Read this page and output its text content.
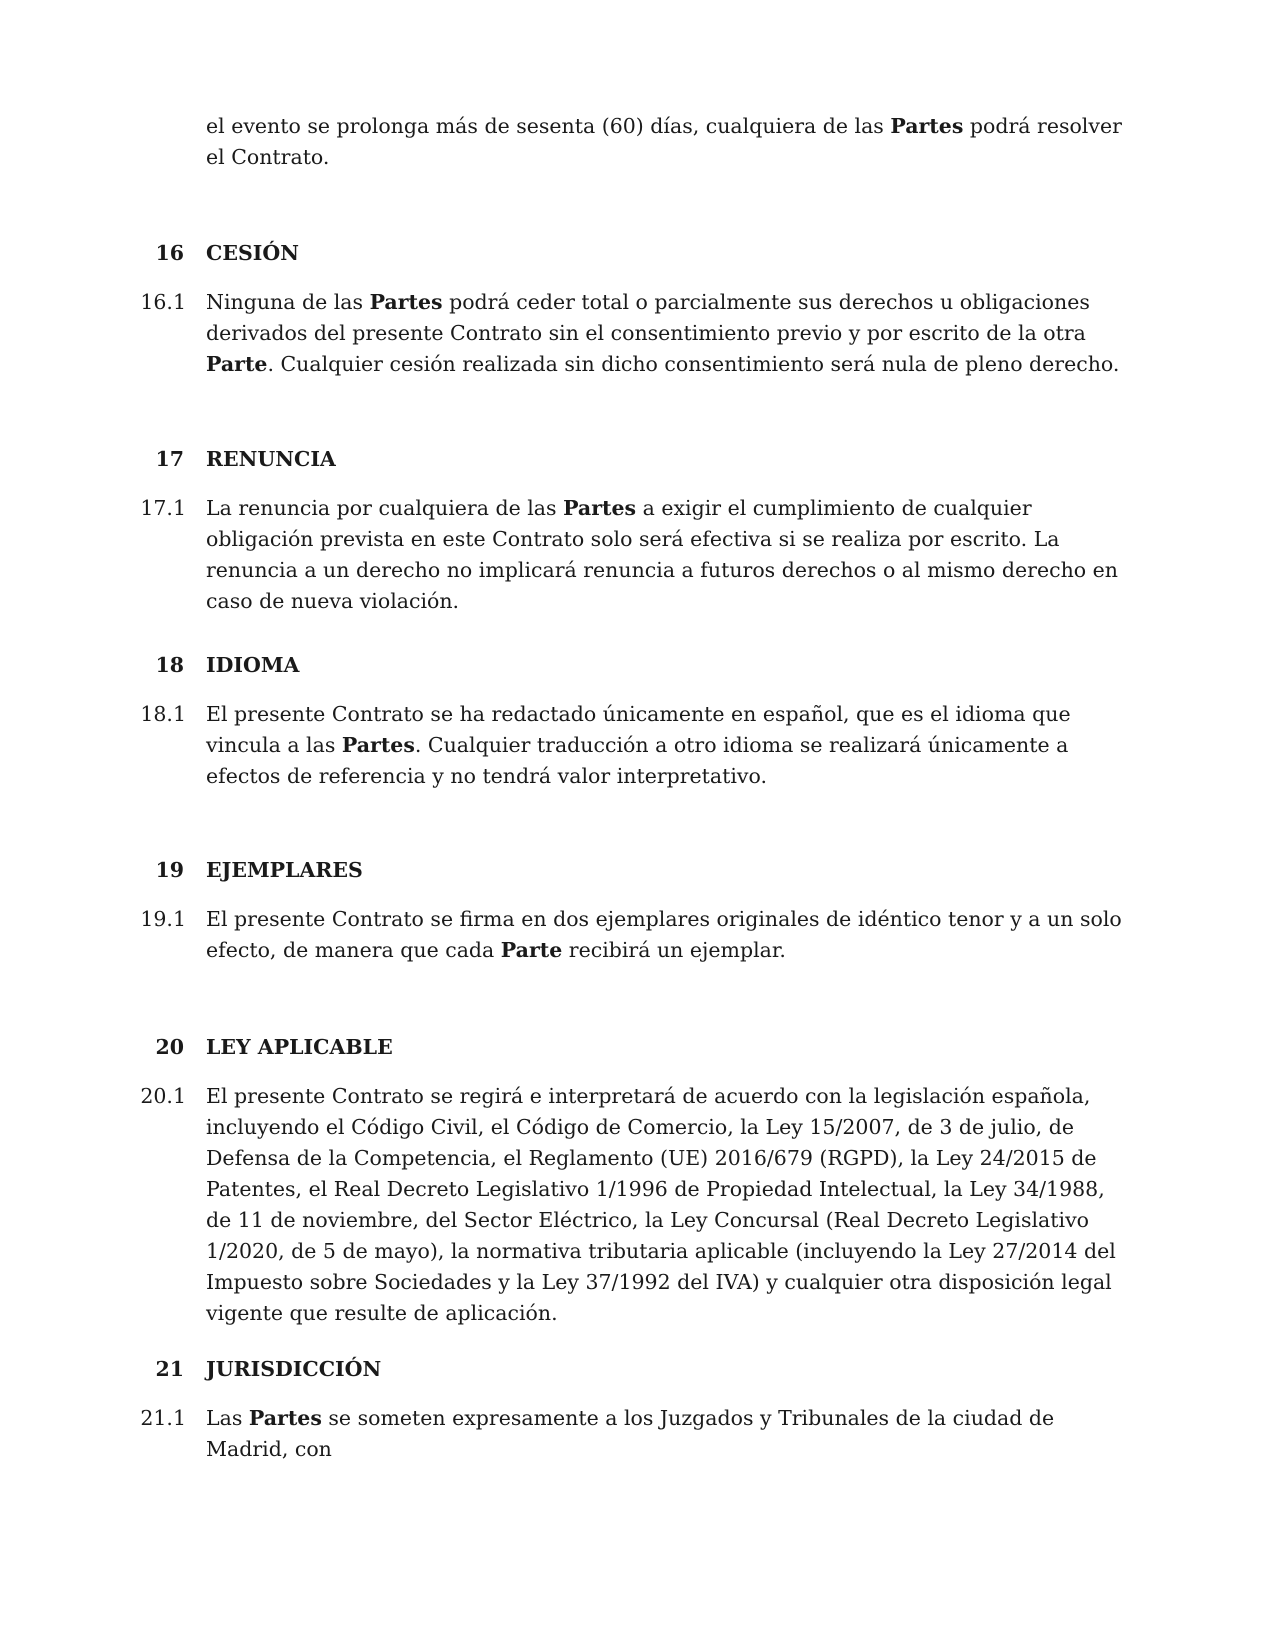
el evento se prolonga más de sesenta (60) días, cualquiera de las Partes podrá resolver el Contrato.

16 CESIÓN
16.1 Ninguna de las Partes podrá ceder total o parcialmente sus derechos u obligaciones derivados del presente Contrato sin el consentimiento previo y por escrito de la otra Parte. Cualquier cesión realizada sin dicho consentimiento será nula de pleno derecho.

17 RENUNCIA
17.1 La renuncia por cualquiera de las Partes a exigir el cumplimiento de cualquier obligación prevista en este Contrato solo será efectiva si se realiza por escrito. La renuncia a un derecho no implicará renuncia a futuros derechos o al mismo derecho en caso de nueva violación.

18 IDIOMA
18.1 El presente Contrato se ha redactado únicamente en español, que es el idioma que vincula a las Partes. Cualquier traducción a otro idioma se realizará únicamente a efectos de referencia y no tendrá valor interpretativo.

19 EJEMPLARES
19.1 El presente Contrato se firma en dos ejemplares originales de idéntico tenor y a un solo efecto, de manera que cada Parte recibirá un ejemplar.

20 LEY APLICABLE
20.1 El presente Contrato se regirá e interpretará de acuerdo con la legislación española, incluyendo el Código Civil, el Código de Comercio, la Ley 15/2007, de 3 de julio, de Defensa de la Competencia, el Reglamento (UE) 2016/679 (RGPD), la Ley 24/2015 de Patentes, el Real Decreto Legislativo 1/1996 de Propiedad Intelectual, la Ley 34/1988, de 11 de noviembre, del Sector Eléctrico, la Ley Concursal (Real Decreto Legislativo 1/2020, de 5 de mayo), la normativa tributaria aplicable (incluyendo la Ley 27/2014 del Impuesto sobre Sociedades y la Ley 37/1992 del IVA) y cualquier otra disposición legal vigente que resulte de aplicación.

21 JURISDICCIÓN
21.1 Las Partes se someten expresamente a los Juzgados y Tribunales de la ciudad de Madrid, con
